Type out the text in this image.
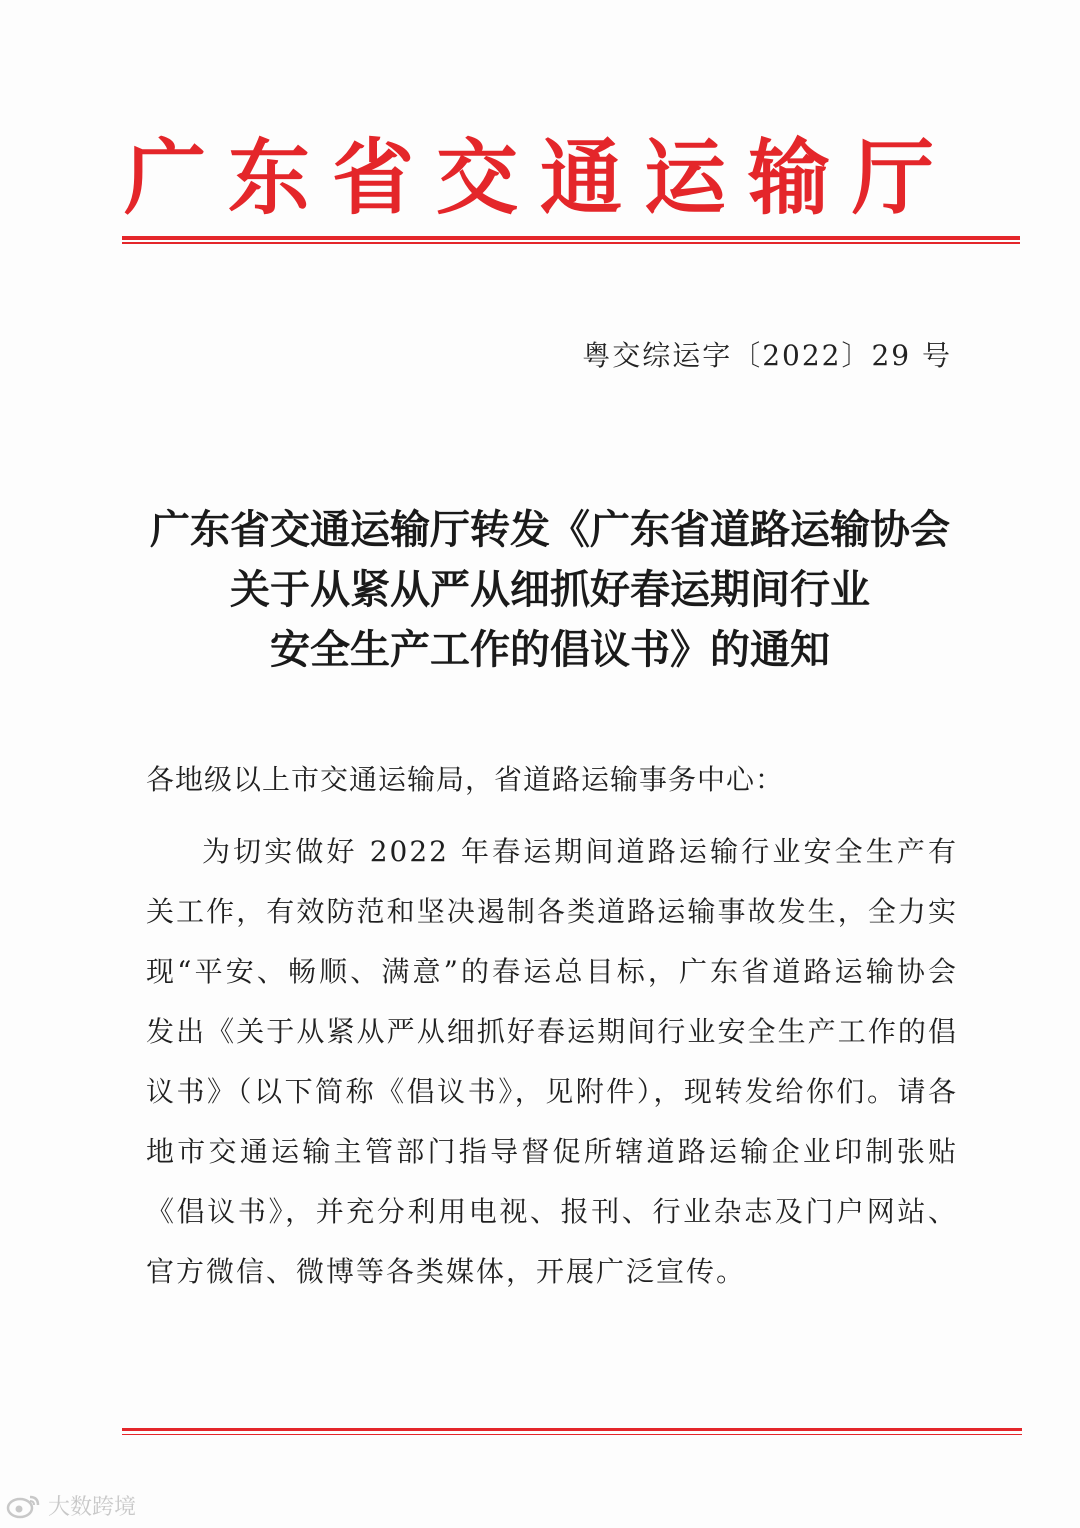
广东省交通运输厅
粤交综运字〔2022〕29 号
广东省交通运输厅转发《广东省道路运输协会
关于从紧从严从细抓好春运期间行业
安全生产工作的倡议书》的通知
各地级以上市交通运输局，省道路运输事务中心：
为切实做好 2022 年春运期间道路运输行业安全生产有关工作，有效防范和坚决遏制各类道路运输事故发生，全力实现“平安、畅顺、满意”的春运总目标，广东省道路运输协会发出《关于从紧从严从细抓好春运期间行业安全生产工作的倡议书》（以下简称《倡议书》，见附件），现转发给你们。请各地市交通运输主管部门指导督促所辖道路运输企业印制张贴《倡议书》，并充分利用电视、报刊、行业杂志及门户网站、官方微信、微博等各类媒体，开展广泛宣传。
大数跨境
